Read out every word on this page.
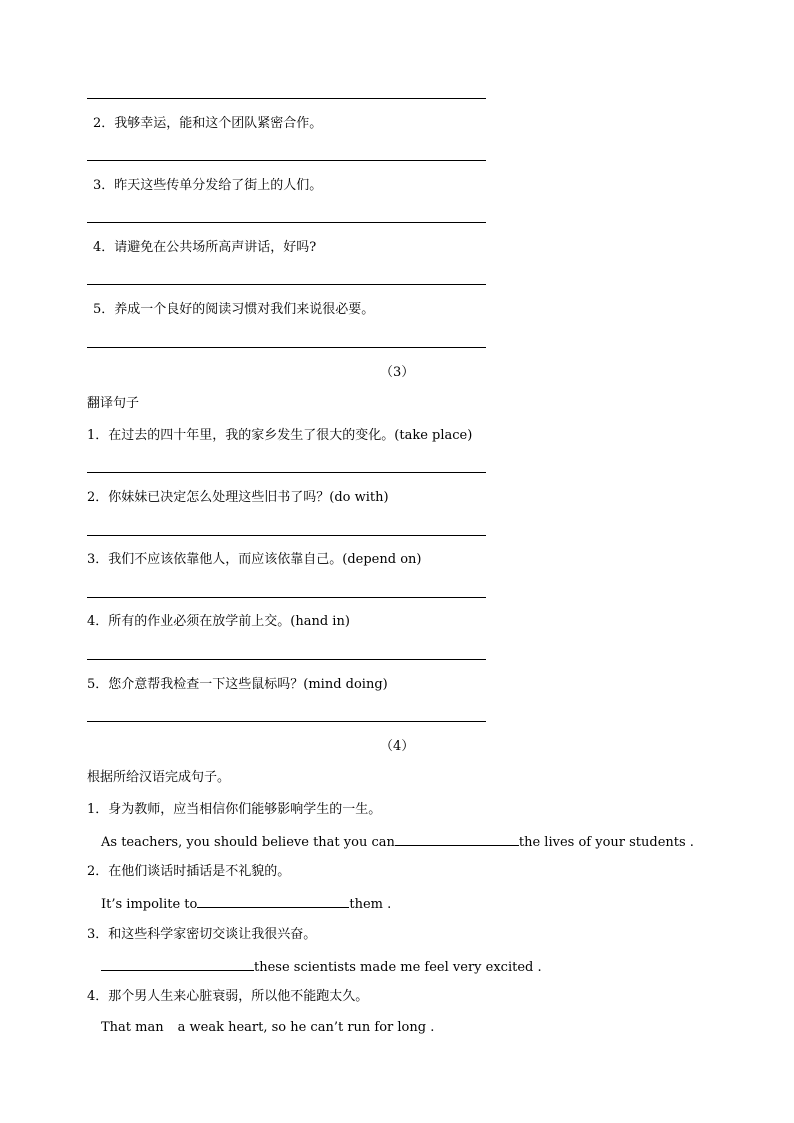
2．我够幸运，能和这个团队紧密合作。
3．昨天这些传单分发给了街上的人们。
4．请避免在公共场所高声讲话，好吗?
5．养成一个良好的阅读习惯对我们来说很必要。
（3）
翻译句子
1．在过去的四十年里，我的家乡发生了很大的变化。(take place)
2．你妹妹已决定怎么处理这些旧书了吗？(do with)
3．我们不应该依靠他人，而应该依靠自己。(depend on)
4．所有的作业必须在放学前上交。(hand in)
5．您介意帮我检查一下这些鼠标吗？(mind doing)
（4）
根据所给汉语完成句子。
1．身为教师，应当相信你们能够影响学生的一生。
As teachers, you should believe that you can	the lives of your students .
2．在他们谈话时插话是不礼貌的。
It’s impolite to	them .
3．和这些科学家密切交谈让我很兴奋。
these scientists made me feel very excited .
4．那个男人生来心脏衰弱，所以他不能跑太久。
That man a weak heart, so he can’t run for long .
